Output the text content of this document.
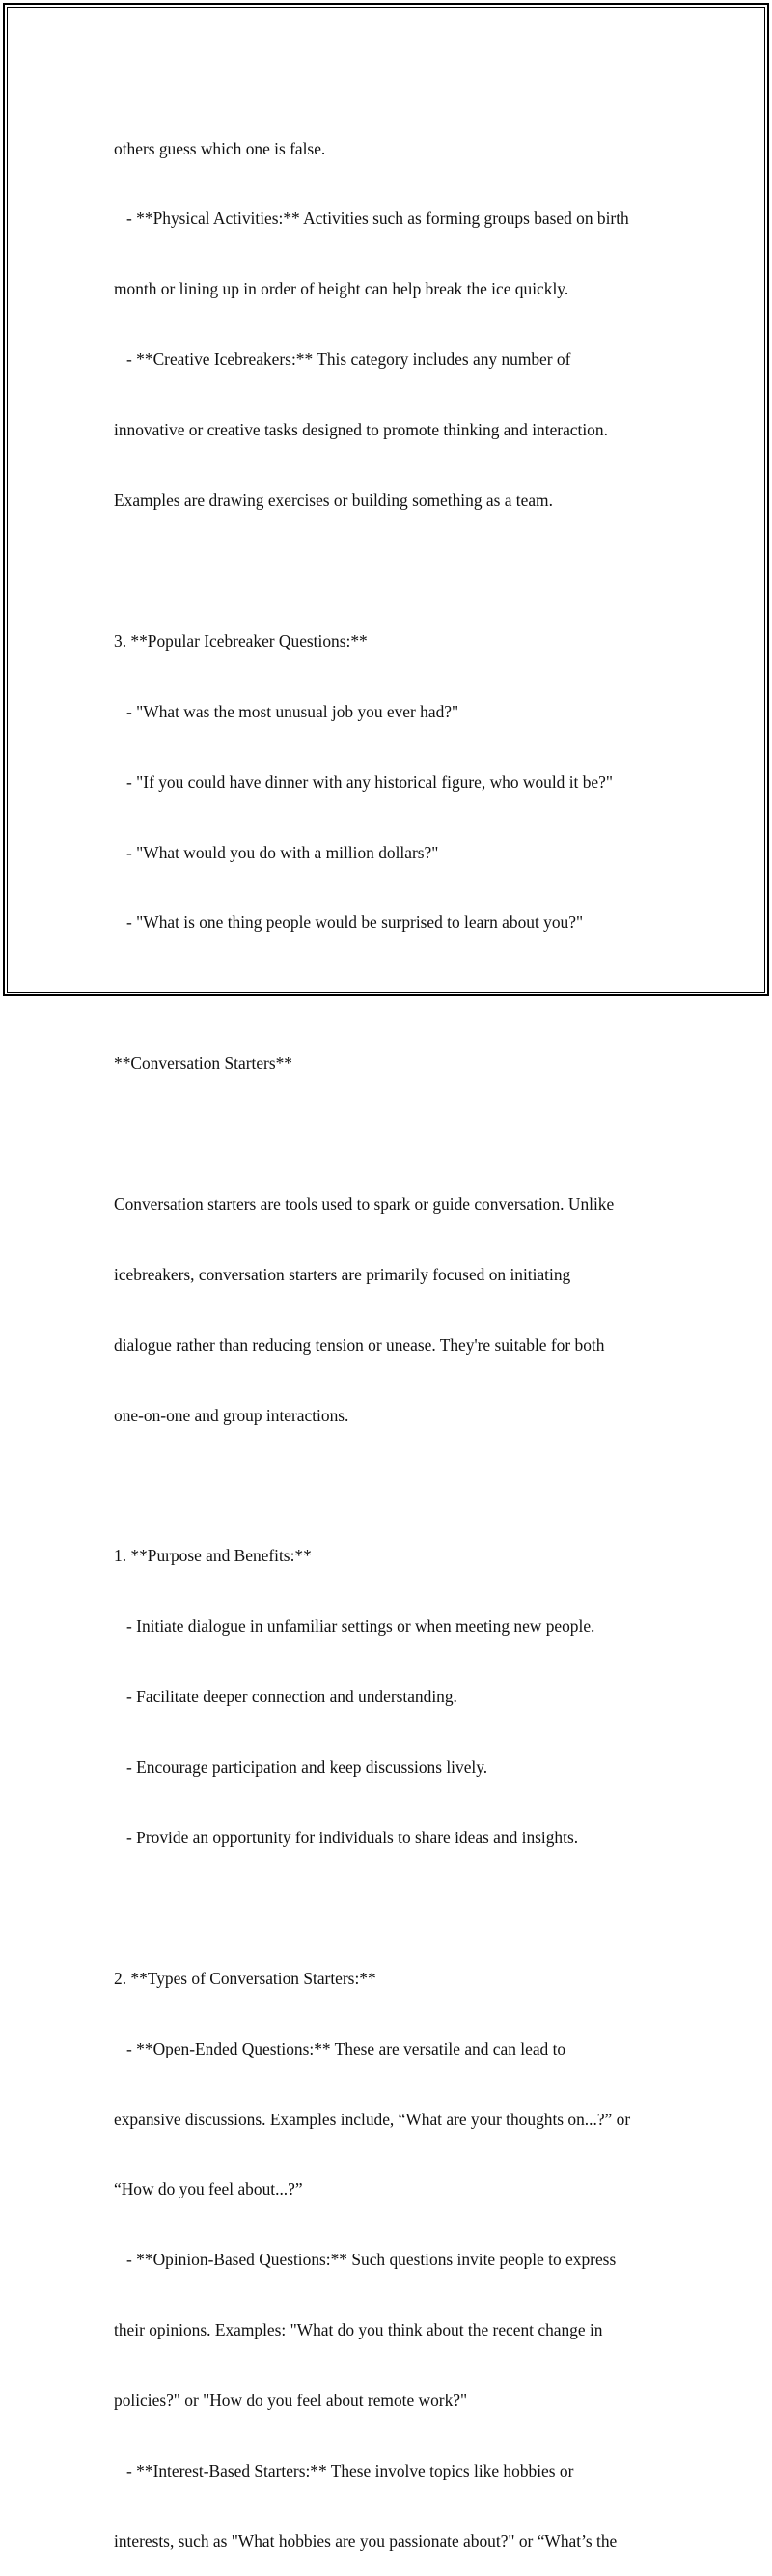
others guess which one is false.

- **Physical Activities:** Activities such as forming groups based on birth

month or lining up in order of height can help break the ice quickly.

- **Creative Icebreakers:** This category includes any number of

innovative or creative tasks designed to promote thinking and interaction.

Examples are drawing exercises or building something as a team.

3. **Popular Icebreaker Questions:**

- "What was the most unusual job you ever had?"

- "If you could have dinner with any historical figure, who would it be?"

- "What would you do with a million dollars?"

- "What is one thing people would be surprised to learn about you?"

**Conversation Starters**

Conversation starters are tools used to spark or guide conversation. Unlike

icebreakers, conversation starters are primarily focused on initiating

dialogue rather than reducing tension or unease. They're suitable for both

one-on-one and group interactions.

1. **Purpose and Benefits:**

- Initiate dialogue in unfamiliar settings or when meeting new people.

- Facilitate deeper connection and understanding.

- Encourage participation and keep discussions lively.

- Provide an opportunity for individuals to share ideas and insights.

2. **Types of Conversation Starters:**

- **Open-Ended Questions:** These are versatile and can lead to

expansive discussions. Examples include, “What are your thoughts on...?” or

“How do you feel about...?”

- **Opinion-Based Questions:** Such questions invite people to express

their opinions. Examples: "What do you think about the recent change in

policies?" or "How do you feel about remote work?"

- **Interest-Based Starters:** These involve topics like hobbies or

interests, such as "What hobbies are you passionate about?" or “What’s the
